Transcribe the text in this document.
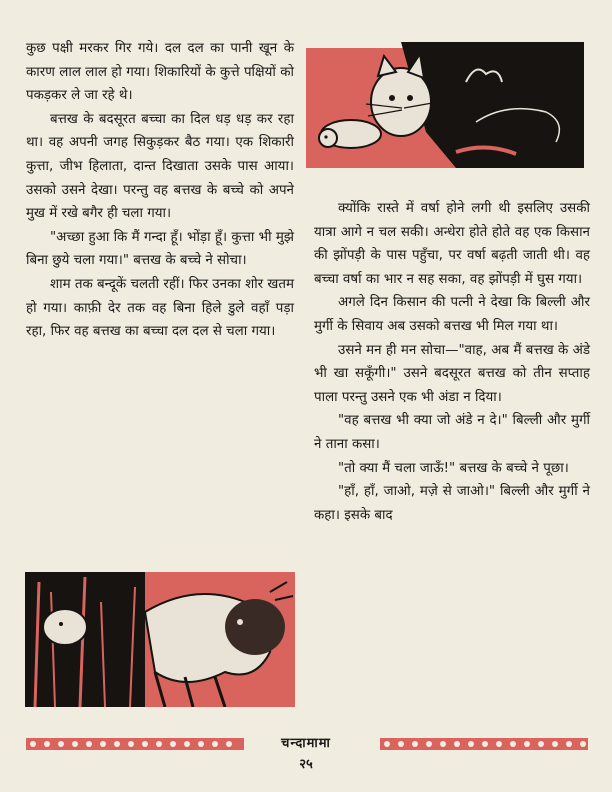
कुछ पक्षी मरकर गिर गये। दल दल का पानी खून के कारण लाल लाल हो गया। शिकारियों के कुत्ते पक्षियों को पकड़कर ले जा रहे थे।

बत्तख के बदसूरत बच्चा का दिल धड़ धड़ कर रहा था। वह अपनी जगह सिकुड़कर बैठ गया। एक शिकारी कुत्ता, जीभ हिलाता, दान्त दिखाता उसके पास आया। उसको उसने देखा। परन्तु वह बत्तख के बच्चे को अपने मुख में रखे बगैर ही चला गया।

"अच्छा हुआ कि मैं गन्दा हूँ। भोंड़ा हूँ। कुत्ता भी मुझे बिना छुये चला गया।" बत्तख के बच्चे ने सोचा।

शाम तक बन्दूकें चलती रहीं। फिर उनका शोर खतम हो गया। काफ़ी देर तक वह बिना हिले डुले वहाँ पड़ा रहा, फिर वह बत्तख का बच्चा दल दल से चला गया।

क्योंकि रास्ते में वर्षा होने लगी थी इसलिए उसकी यात्रा आगे न चल सकी। अन्धेरा होते होते वह एक किसान की झोंपड़ी के पास पहुँचा, पर वर्षा बढ़ती जाती थी। वह बच्चा वर्षा का भार न सह सका, वह झोंपड़ी में घुस गया।

अगले दिन किसान की पत्नी ने देखा कि बिल्ली और मुर्गी के सिवाय अब उसको बत्तख भी मिल गया था।

उसने मन ही मन सोचा—"वाह, अब मैं बत्तख के अंडे भी खा सकूँगी।" उसने बदसूरत बत्तख को तीन सप्ताह पाला परन्तु उसने एक भी अंडा न दिया।

"वह बत्तख भी क्या जो अंडे न दे।" बिल्ली और मुर्गी ने ताना कसा।

"तो क्या मैं चला जाऊँ!" बत्तख के बच्चे ने पूछा।

"हाँ, हाँ, जाओ, मज़े से जाओ।" बिल्ली और मुर्गी ने कहा। इसके बाद

चन्दामामा
२५
